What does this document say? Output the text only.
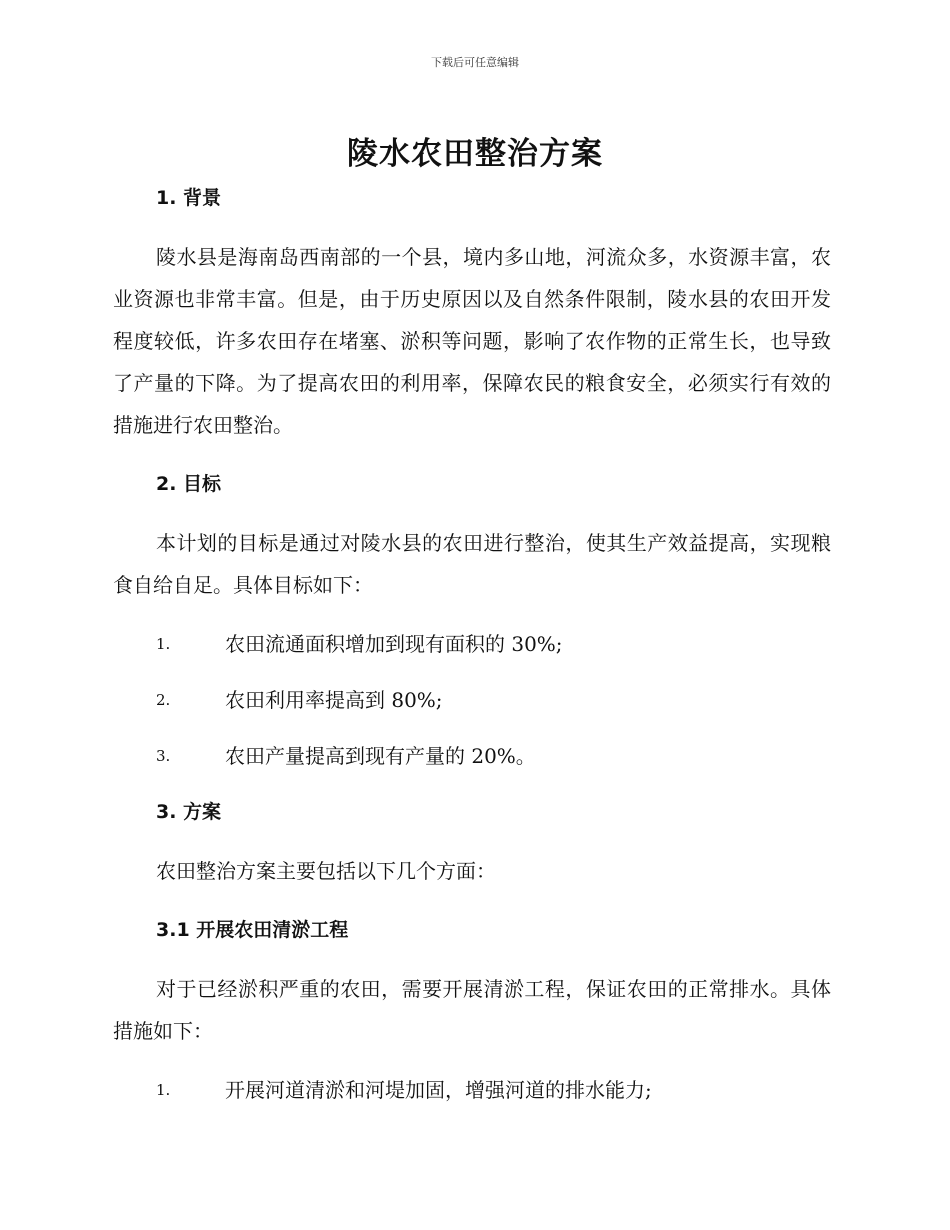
下载后可任意编辑
陵水农田整治方案
1. 背景

陵水县是海南岛西南部的一个县，境内多山地，河流众多，水资源丰富，农业资源也非常丰富。但是，由于历史原因以及自然条件限制，陵水县的农田开发程度较低，许多农田存在堵塞、淤积等问题，影响了农作物的正常生长，也导致了产量的下降。为了提高农田的利用率，保障农民的粮食安全，必须实行有效的措施进行农田整治。

2. 目标

本计划的目标是通过对陵水县的农田进行整治，使其生产效益提高，实现粮食自给自足。具体目标如下：

1.	农田流通面积增加到现有面积的 30%;
2.	农田利用率提高到 80%;
3.	农田产量提高到现有产量的 20%。
3. 方案

农田整治方案主要包括以下几个方面：

3.1 开展农田清淤工程

对于已经淤积严重的农田，需要开展清淤工程，保证农田的正常排水。具体措施如下：

1.	开展河道清淤和河堤加固，增强河道的排水能力;
